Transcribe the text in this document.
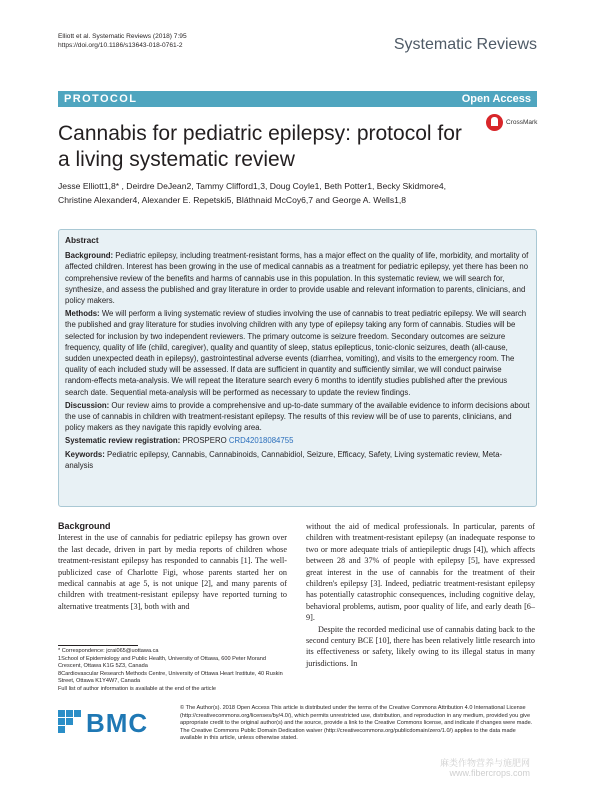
Elliott et al. Systematic Reviews (2018) 7:95
https://doi.org/10.1186/s13643-018-0761-2	Systematic Reviews
PROTOCOL	Open Access
Cannabis for pediatric epilepsy: protocol for a living systematic review
CrossMark
Jesse Elliott1,8* , Deirdre DeJean2, Tammy Clifford1,3, Doug Coyle1, Beth Potter1, Becky Skidmore4,
Christine Alexander4, Alexander E. Repetski5, Bláthnaid McCoy6,7 and George A. Wells1,8
Abstract

Background: Pediatric epilepsy, including treatment-resistant forms, has a major effect on the quality of life, morbidity, and mortality of affected children. Interest has been growing in the use of medical cannabis as a treatment for pediatric epilepsy, yet there has been no comprehensive review of the benefits and harms of cannabis use in this population. In this systematic review, we will search for, synthesize, and assess the published and gray literature in order to provide usable and relevant information to parents, clinicians, and policy makers.

Methods: We will perform a living systematic review of studies involving the use of cannabis to treat pediatric epilepsy. We will search the published and gray literature for studies involving children with any type of epilepsy taking any form of cannabis. Studies will be selected for inclusion by two independent reviewers. The primary outcome is seizure freedom. Secondary outcomes are seizure frequency, quality of life (child, caregiver), quality and quantity of sleep, status epilepticus, tonic-clonic seizures, death (all-cause, sudden unexpected death in epilepsy), gastrointestinal adverse events (diarrhea, vomiting), and visits to the emergency room. The quality of each included study will be assessed. If data are sufficient in quantity and sufficiently similar, we will conduct pairwise random-effects meta-analysis. We will repeat the literature search every 6 months to identify studies published after the previous search date. Sequential meta-analysis will be performed as necessary to update the review findings.

Discussion: Our review aims to provide a comprehensive and up-to-date summary of the available evidence to inform decisions about the use of cannabis in children with treatment-resistant epilepsy. The results of this review will be of use to parents, clinicians, and policy makers as they navigate this rapidly evolving area.

Systematic review registration: PROSPERO CRD42018084755

Keywords: Pediatric epilepsy, Cannabis, Cannabinoids, Cannabidiol, Seizure, Efficacy, Safety, Living systematic review, Meta-analysis

Background

Interest in the use of cannabis for pediatric epilepsy has grown over the last decade, driven in part by media reports of children whose treatment-resistant epilepsy has responded to cannabis [1]. The well-publicized case of Charlotte Figi, whose parents started her on medical cannabis at age 5, is not unique [2], and many parents of children with treatment-resistant epilepsy have reported turning to alternative treatments [3], both with and

without the aid of medical professionals. In particular, parents of children with treatment-resistant epilepsy (an inadequate response to two or more adequate trials of antiepileptic drugs [4]), which affects between 28 and 37% of people with epilepsy [5], have expressed great interest in the use of cannabis for the treatment of their children's epilepsy [3]. Indeed, pediatric treatment-resistant epilepsy has potentially catastrophic consequences, including cognitive delay, behavioral problems, autism, poor quality of life, and early death [6–9].

Despite the recorded medicinal use of cannabis dating back to the second century BCE [10], there has been relatively little research into its effectiveness or safety, likely owing to its illegal status in many jurisdictions. In

* Correspondence: jcrai065@uottawa.ca
1School of Epidemiology and Public Health, University of Ottawa, 600 Peter Morand Crescent, Ottawa K1G 5Z3, Canada
8Cardiovascular Research Methods Centre, University of Ottawa Heart Institute, 40 Ruskin Street, Ottawa K1Y4W7, Canada
Full list of author information is available at the end of the article
BMC	© The Author(s). 2018 Open Access This article is distributed under the terms of the Creative Commons Attribution 4.0 International License (http://creativecommons.org/licenses/by/4.0/), which permits unrestricted use, distribution, and reproduction in any medium, provided you give appropriate credit to the original author(s) and the source, provide a link to the Creative Commons license, and indicate if changes were made. The Creative Commons Public Domain Dedication waiver (http://creativecommons.org/publicdomain/zero/1.0/) applies to the data made available in this article, unless otherwise stated.
麻类作物营养与施肥网
www.fibercrops.com
